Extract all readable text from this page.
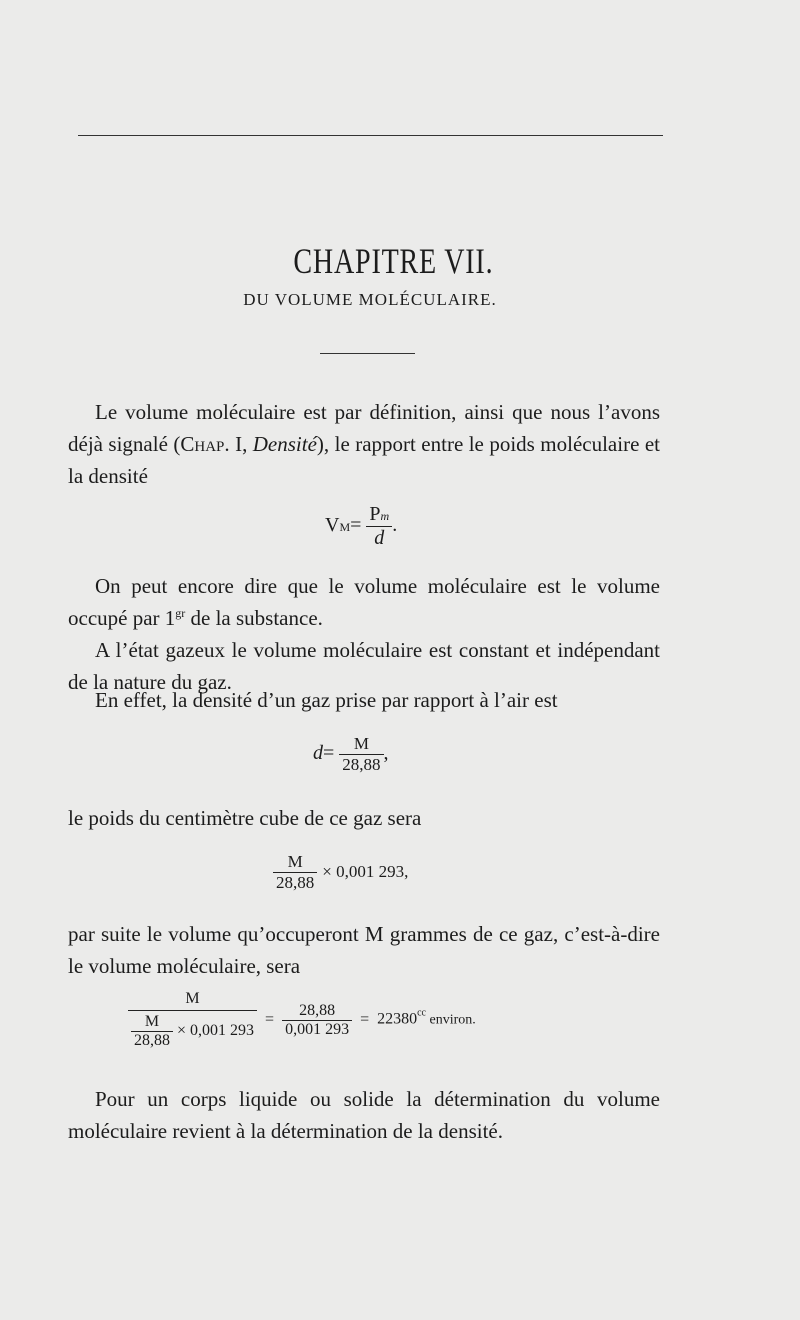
CHAPITRE VII.
DU VOLUME MOLÉCULAIRE.
Le volume moléculaire est par définition, ainsi que nous l’avons déjà signalé (Chap. I, Densité), le rapport entre le poids moléculaire et la densité
$VM= \frac{Pm}{d}$ .
On peut encore dire que le volume moléculaire est le volume occupé par $1^{gr}$ de la substance.
A l’état gazeux le volume moléculaire est constant et indépendant de la nature du gaz.
En effet, la densité d’un gaz prise par rapport à l’air est
$d= \frac{M}{28,88}$ ,
le poids du centimètre cube de ce gaz sera
$\frac{M}{28,88} \times 0,001$ 293,
par suite le volume qu’occuperont M grammes de ce gaz, c’est-à-dire le volume moléculaire, sera
$\frac{M}{\frac{M}{28,88} \times 0,001 293} = \frac{28,88}{0,001 293} = 22380^{cc}$ environ.
Pour un corps liquide ou solide la détermination du volume moléculaire revient à la détermination de la densité.
